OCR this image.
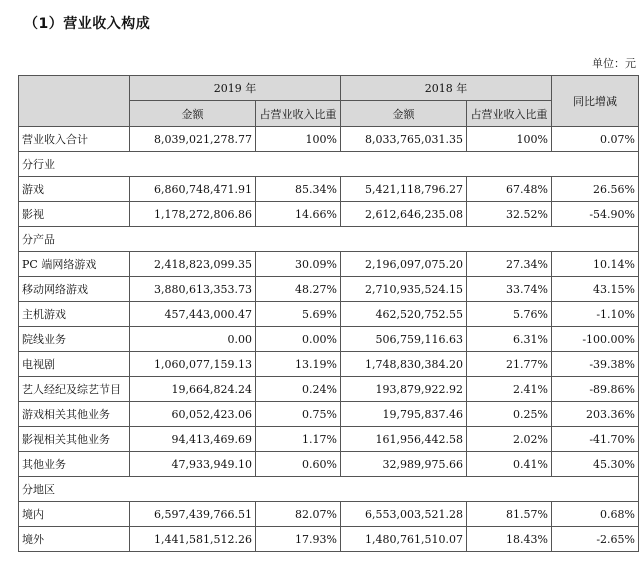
（1）营业收入构成
单位：元
	2019 年		2018 年		同比增减
	金额	占营业收入比重	金额	占营业收入比重	
营业收入合计	8,039,021,278.77	100%	8,033,765,031.35	100%	0.07%
分行业					
游戏	6,860,748,471.91	85.34%	5,421,118,796.27	67.48%	26.56%
影视	1,178,272,806.86	14.66%	2,612,646,235.08	32.52%	-54.90%
分产品					
PC 端网络游戏	2,418,823,099.35	30.09%	2,196,097,075.20	27.34%	10.14%
移动网络游戏	3,880,613,353.73	48.27%	2,710,935,524.15	33.74%	43.15%
主机游戏	457,443,000.47	5.69%	462,520,752.55	5.76%	-1.10%
院线业务	0.00	0.00%	506,759,116.63	6.31%	-100.00%
电视剧	1,060,077,159.13	13.19%	1,748,830,384.20	21.77%	-39.38%
艺人经纪及综艺节目	19,664,824.24	0.24%	193,879,922.92	2.41%	-89.86%
游戏相关其他业务	60,052,423.06	0.75%	19,795,837.46	0.25%	203.36%
影视相关其他业务	94,413,469.69	1.17%	161,956,442.58	2.02%	-41.70%
其他业务	47,933,949.10	0.60%	32,989,975.66	0.41%	45.30%
分地区					
境内	6,597,439,766.51	82.07%	6,553,003,521.28	81.57%	0.68%
境外	1,441,581,512.26	17.93%	1,480,761,510.07	18.43%	-2.65%
